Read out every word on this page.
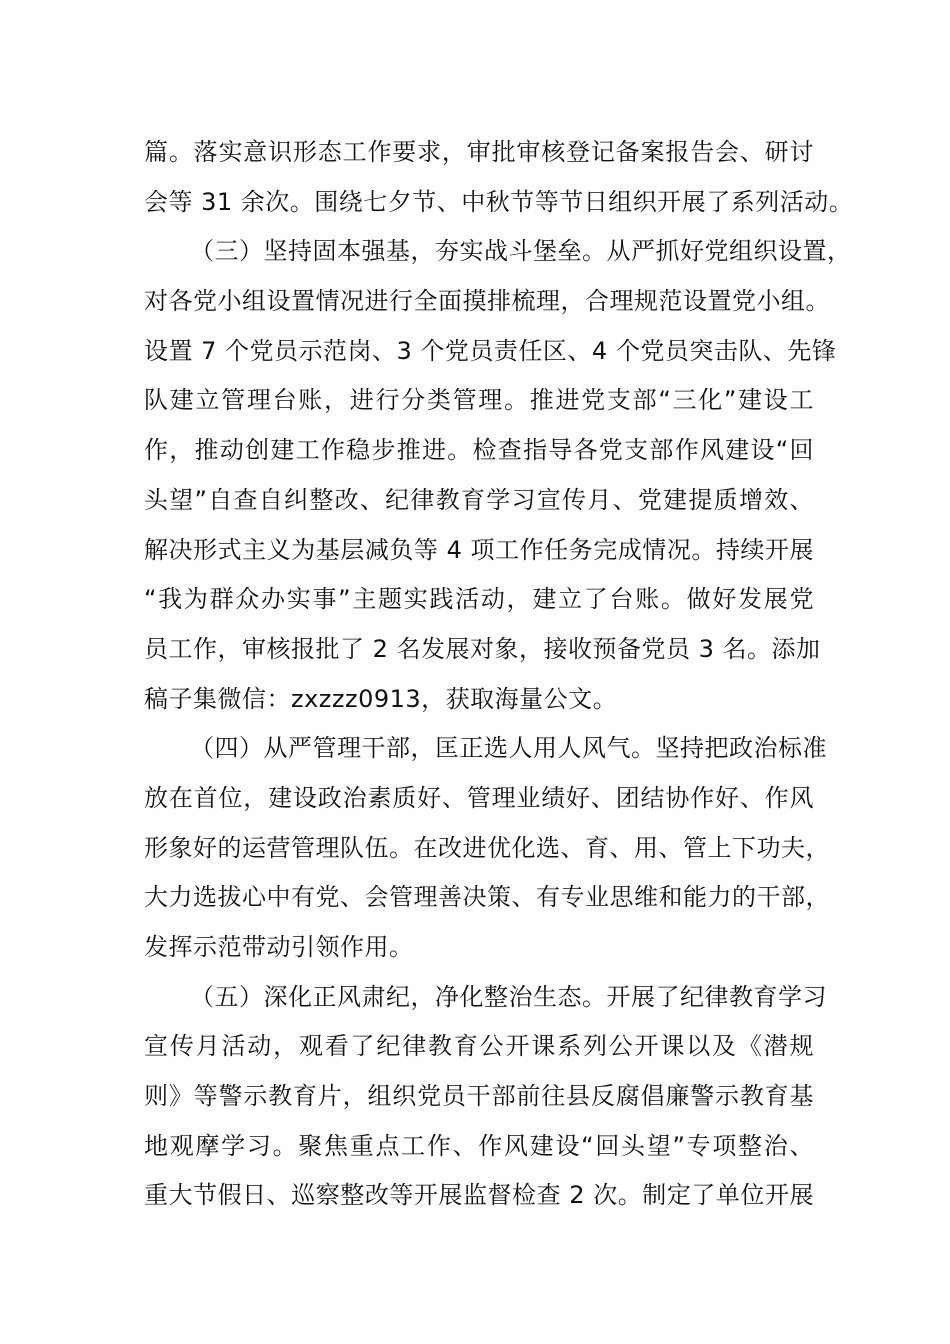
篇。落实意识形态工作要求，审批审核登记备案报告会、研讨
会等 31 余次。围绕七夕节、中秋节等节日组织开展了系列活动。
（三）坚持固本强基，夯实战斗堡垒。从严抓好党组织设置，
对各党小组设置情况进行全面摸排梳理，合理规范设置党小组。
设置 7 个党员示范岗、3 个党员责任区、4 个党员突击队、先锋
队建立管理台账，进行分类管理。推进党支部“三化”建设工
作，推动创建工作稳步推进。检查指导各党支部作风建设“回
头望”自查自纠整改、纪律教育学习宣传月、党建提质增效、
解决形式主义为基层减负等 4 项工作任务完成情况。持续开展
“我为群众办实事”主题实践活动，建立了台账。做好发展党
员工作，审核报批了 2 名发展对象，接收预备党员 3 名。添加
稿子集微信：zxzzz0913，获取海量公文。
（四）从严管理干部，匡正选人用人风气。坚持把政治标准
放在首位，建设政治素质好、管理业绩好、团结协作好、作风
形象好的运营管理队伍。在改进优化选、育、用、管上下功夫，
大力选拔心中有党、会管理善决策、有专业思维和能力的干部，
发挥示范带动引领作用。
（五）深化正风肃纪，净化整治生态。开展了纪律教育学习
宣传月活动，观看了纪律教育公开课系列公开课以及《潜规
则》等警示教育片，组织党员干部前往县反腐倡廉警示教育基
地观摩学习。聚焦重点工作、作风建设“回头望”专项整治、
重大节假日、巡察整改等开展监督检查 2 次。制定了单位开展
